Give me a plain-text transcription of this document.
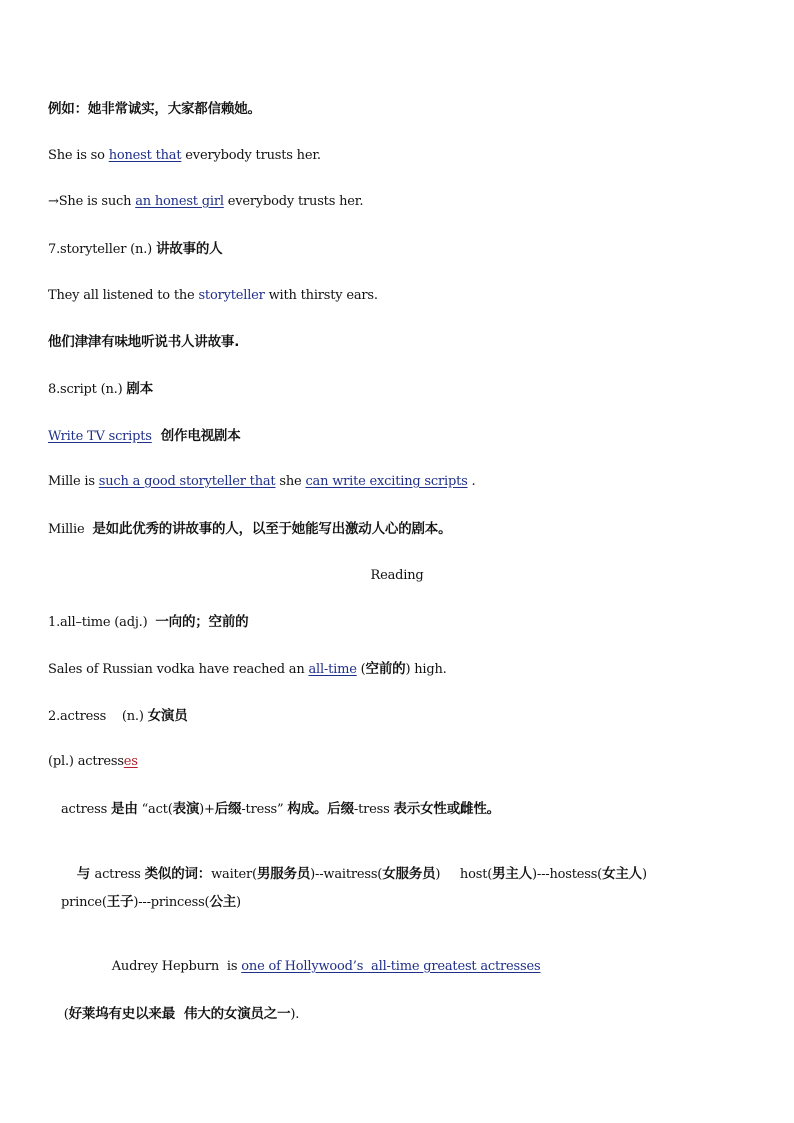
例如：她非常诚实，大家都信赖她。
She is so honest that everybody trusts her.
→She is such an honest girl everybody trusts her.
7.storyteller (n.) 讲故事的人
They all listened to the storyteller with thirsty ears.
他们津津有味地听说书人讲故事.
8.script (n.) 剧本
Write TV scripts  创作电视剧本
Mille is such a good storyteller that she can write exciting scripts .
Millie  是如此优秀的讲故事的人，以至于她能写出激动人心的剧本。
Reading
1.all–time (adj.)  一向的；空前的
Sales of Russian vodka have reached an all-time (空前的) high.
2.actress    (n.) 女演员
(pl.) actresses
actress 是由 “act(表演)+后缀-tress” 构成。后缀-tress 表示女性或雌性。

与 actress 类似的词：waiter(男服务员)--waitress(女服务员)     host(男主人)---hostess(女主人)

prince(王子)---princess(公主)

Audrey Hepburn  is one of Hollywood’s  all-time greatest actresses

(好莱坞有史以来最  伟大的女演员之一).
